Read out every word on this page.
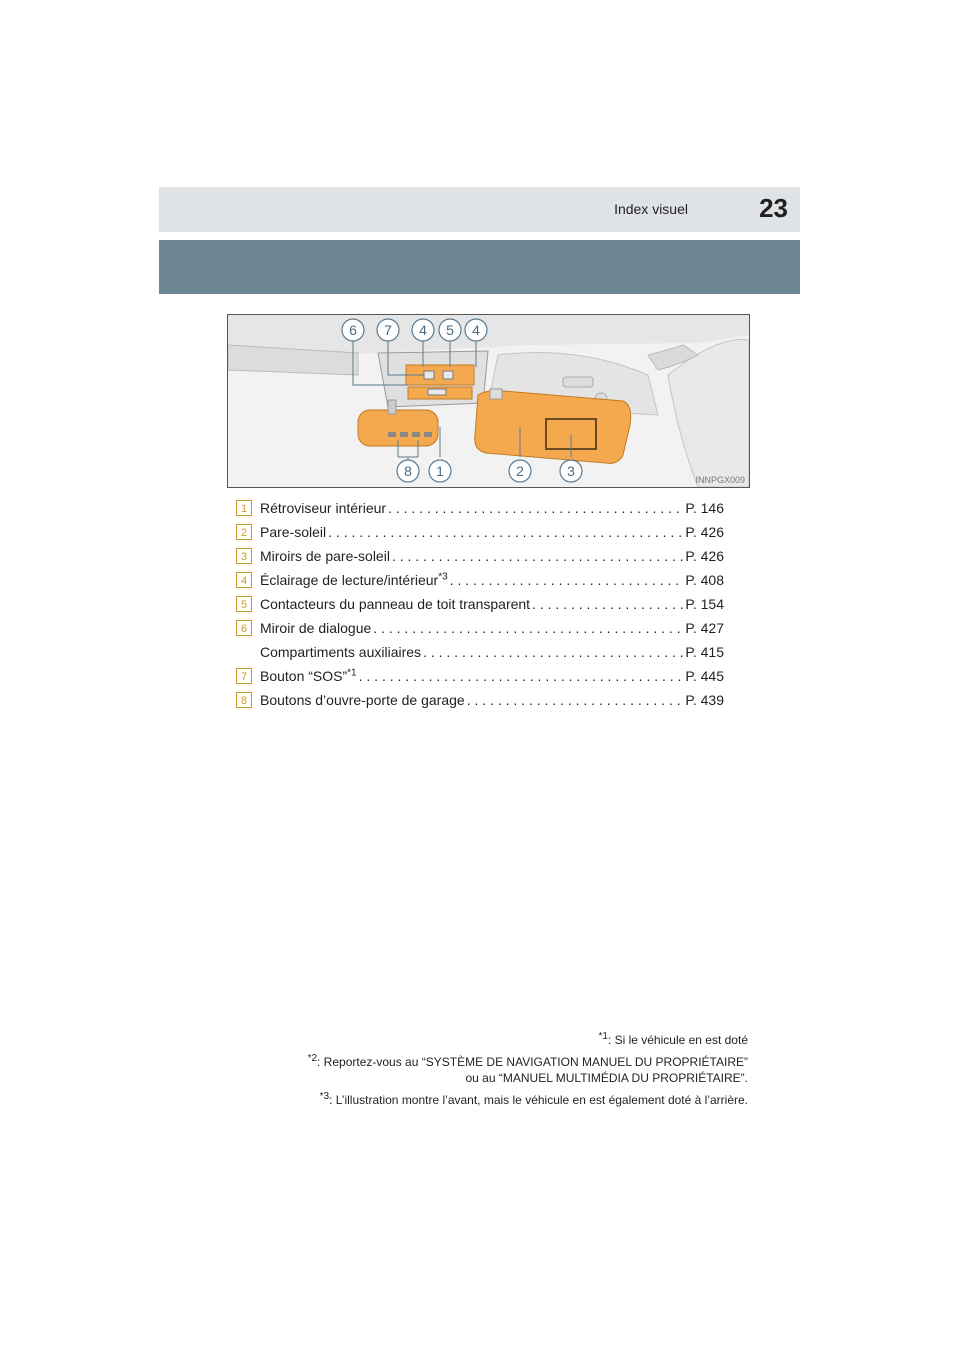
Index visuel	23
6 7 4 5 4
8 1	2	3
INNPGX009
1 Rétroviseur intérieur . . .	P. 146
2 Pare-soleil . . .	P. 426
3 Miroirs de pare-soleil . . .	P. 426
4 Éclairage de lecture/intérieur$^{*3}$ . . .	P. 408
5 Contacteurs du panneau de toit transparent . . .	P. 154
6 Miroir de dialogue . . .	P. 427
Compartiments auxiliaires . . .	P. 415
7 Bouton “SOS”$^{*1}$ . . .	P. 445
8 Boutons d’ouvre-porte de garage . . .	P. 439
$^{*1}$: Si le véhicule en est doté
$^{*2}$: Reportez-vous au “SYSTÈME DE NAVIGATION MANUEL DU PROPRIÉTAIRE”
ou au “MANUEL MULTIMÉDIA DU PROPRIÉTAIRE”.
$^{*3}$: L’illustration montre l’avant, mais le véhicule en est également doté à l’arrière.
